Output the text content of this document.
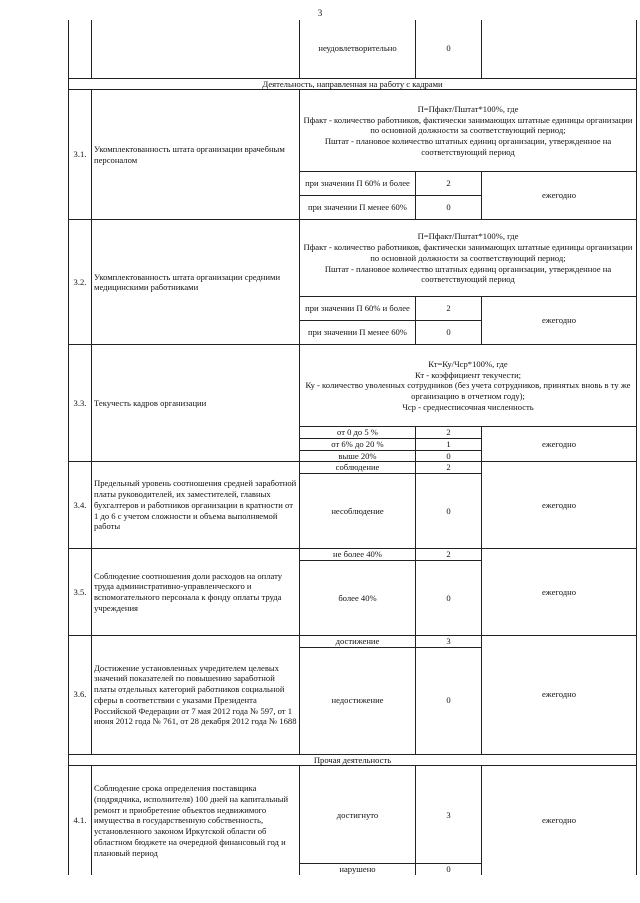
3
		неудовлетворительно	0	
Деятельность, направленная на работу с кадрами				
3.1.	Укомплектованность штата организации врачебным персоналом	П=Пфакт/Пштат*100%, где
Пфакт - количество работников, фактически занимающих штатные единицы организации по основной должности за соответствующий период;
Пштат - плановое количество штатных единиц организации, утвержденное на соответствующий период		

		при значении П 60% и более	2	ежегодно
		при значении П менее 60%	0	
3.2.	Укомплектованность штата организации средними медицинскими работниками	П=Пфакт/Пштат*100%, где
Пфакт - количество работников, фактически занимающих штатные единицы организации по основной должности за соответствующий период;
Пштат - плановое количество штатных единиц организации, утвержденное на соответствующий период		

		при значении П 60% и более	2	ежегодно
		при значении П менее 60%	0	
3.3.	Текучесть кадров организации	Кт=Ку/Чср*100%, где
Кт - коэффициент текучести;
Ку - количество уволенных сотрудников (без учета сотрудников, принятых вновь в ту же организацию в отчетном году);
Чср - среднесписочная численность		

		от 0 до 5 %	2	ежегодно
		от 6% до 20 %	1	
		выше 20%	0	
3.4.	Предельный уровень соотношения средней заработной платы руководителей, их заместителей, главных бухгалтеров и работников организации в кратности от 1 до 6 с учетом сложности и объема выполняемой работы	соблюдение	2	ежегодно
		несоблюдение	0	
3.5.	Соблюдение соотношения доли расходов на оплату труда административно-управленческого и вспомогательного персонала к фонду оплаты труда учреждения	не более 40%	2	ежегодно
		более 40%	0	
3.6.	Достижение установленных учредителем целевых значений показателей по повышению заработной платы отдельных категорий работников социальной сферы в соответствии с указами Президента Российской Федерации от 7 мая 2012 года № 597, от 1 июня 2012 года № 761, от 28 декабря 2012 года № 1688	достижение	3	ежегодно
		недостижение	0	
Прочая деятельность				
4.1.	Соблюдение срока определения поставщика (подрядчика, исполнителя) 100 дней на капитальный ремонт и приобретение объектов недвижимого имущества в государственную собственность, установленного законом Иркутской области об областном бюджете на очередной финансовый год и плановый период	достигнуто	3	ежегодно
		нарушено	0	
